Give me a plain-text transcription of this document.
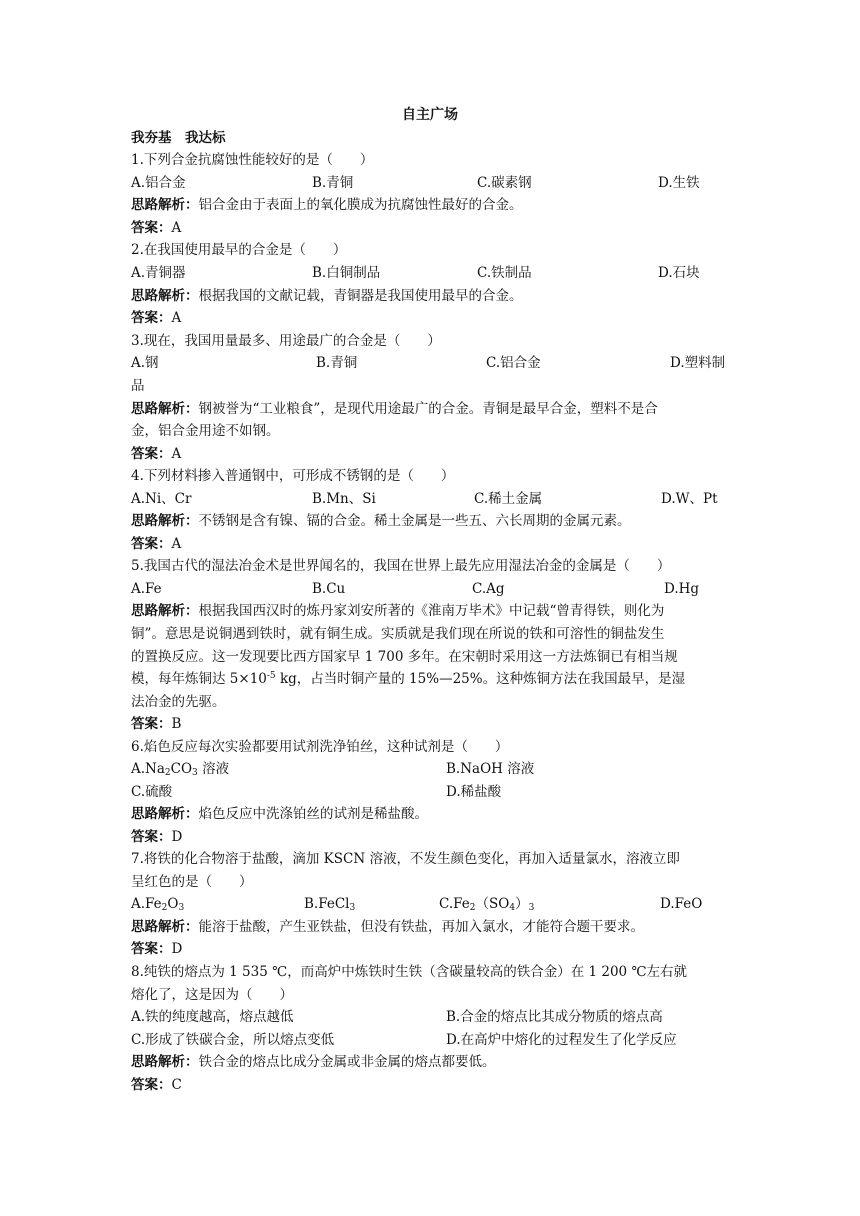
自主广场
我夯基　我达标
1.下列合金抗腐蚀性能较好的是（　　）
A.铝合金	B.青铜	C.碳素钢	D.生铁
思路解析：铝合金由于表面上的氧化膜成为抗腐蚀性最好的合金。
答案：A
2.在我国使用最早的合金是（　　）
A.青铜器	B.白铜制品	C.铁制品	D.石块
思路解析：根据我国的文献记载，青铜器是我国使用最早的合金。
答案：A
3.现在，我国用量最多、用途最广的合金是（　　）
A.钢	B.青铜	C.铝合金	D.塑料制
品
思路解析：钢被誉为“工业粮食”，是现代用途最广的合金。青铜是最早合金，塑料不是合
金，铝合金用途不如钢。
答案：A
4.下列材料掺入普通钢中，可形成不锈钢的是（　　）
A.Ni、Cr	B.Mn、Si	C.稀土金属	D.W、Pt
思路解析：不锈钢是含有镍、镉的合金。稀土金属是一些五、六长周期的金属元素。
答案：A
5.我国古代的湿法冶金术是世界闻名的，我国在世界上最先应用湿法冶金的金属是（　　）
A.Fe	B.Cu	C.Ag	D.Hg
思路解析：根据我国西汉时的炼丹家刘安所著的《淮南万毕术》中记载“曾青得铁，则化为
铜”。意思是说铜遇到铁时，就有铜生成。实质就是我们现在所说的铁和可溶性的铜盐发生
的置换反应。这一发现要比西方国家早 1 700 多年。在宋朝时采用这一方法炼铜已有相当规
模，每年炼铜达 $5\times 10^{-5}$ kg，占当时铜产量的 15%—25%。这种炼铜方法在我国最早，是湿
法冶金的先驱。
答案：B
6.焰色反应每次实验都要用试剂洗净铂丝，这种试剂是（　　）
$A.Na_2CO_3$ 溶液	B.NaOH 溶液
C.硫酸	D.稀盐酸
思路解析：焰色反应中洗涤铂丝的试剂是稀盐酸。
答案：D
7.将铁的化合物溶于盐酸，滴加 KSCN 溶液，不发生颜色变化，再加入适量氯水，溶液立即
呈红色的是（　　）
$A.Fe_2O_3$	B.FeCl$_3$	$C.Fe_2(SO_4)_3$	D.FeO
思路解析：能溶于盐酸，产生亚铁盐，但没有铁盐，再加入氯水，才能符合题干要求。
答案：D
8.纯铁的熔点为 1 535 ℃，而高炉中炼铁时生铁（含碳量较高的铁合金）在 1 200 ℃左右就
熔化了，这是因为（　　）
A.铁的纯度越高，熔点越低	B.合金的熔点比其成分物质的熔点高
C.形成了铁碳合金，所以熔点变低	D.在高炉中熔化的过程发生了化学反应
思路解析：铁合金的熔点比成分金属或非金属的熔点都要低。
答案：C
